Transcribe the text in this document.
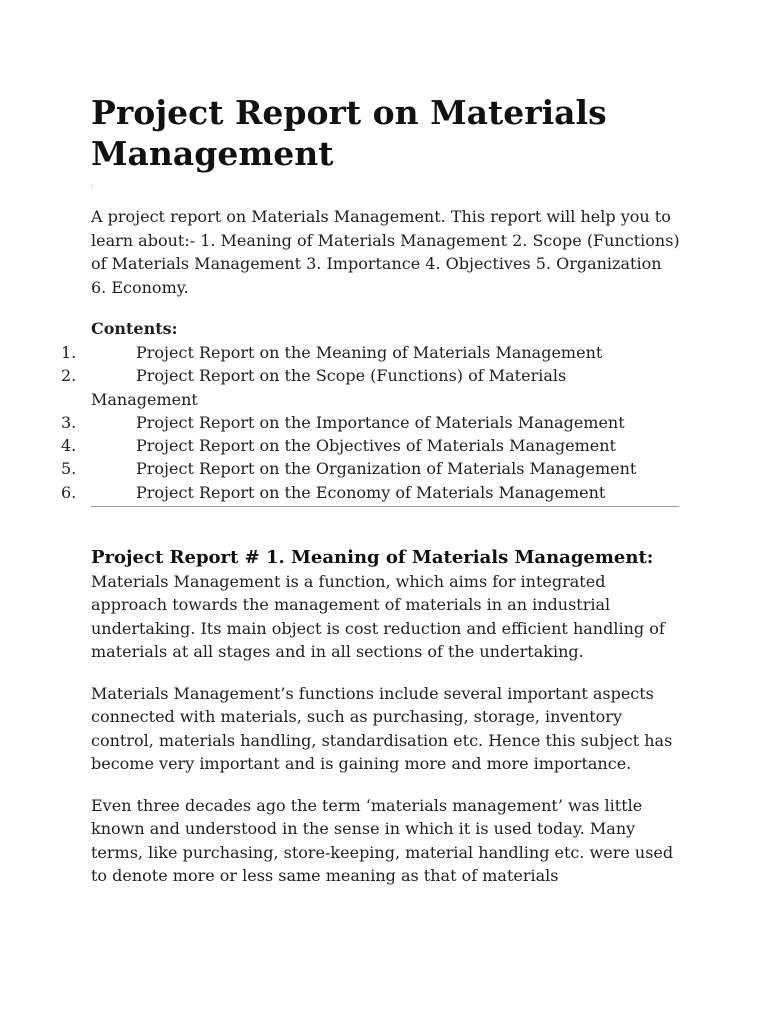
Project Report on Materials Management
:

A project report on Materials Management. This report will help you to learn about:- 1. Meaning of Materials Management 2. Scope (Functions) of Materials Management 3. Importance 4. Objectives 5. Organization 6. Economy.

Contents:
1.	Project Report on the Meaning of Materials Management
2.	Project Report on the Scope (Functions) of Materials Management
3.	Project Report on the Importance of Materials Management
4.	Project Report on the Objectives of Materials Management
5.	Project Report on the Organization of Materials Management
6.	Project Report on the Economy of Materials Management
Project Report # 1. Meaning of Materials Management:

Materials Management is a function, which aims for integrated approach towards the management of materials in an industrial undertaking. Its main object is cost reduction and efficient handling of materials at all stages and in all sections of the undertaking.

Materials Management’s functions include several important aspects connected with materials, such as purchasing, storage, inventory control, materials handling, standardisation etc. Hence this subject has become very important and is gaining more and more importance.

Even three decades ago the term ‘materials management’ was little known and understood in the sense in which it is used today. Many terms, like purchasing, store-keeping, material handling etc. were used to denote more or less same meaning as that of materials
